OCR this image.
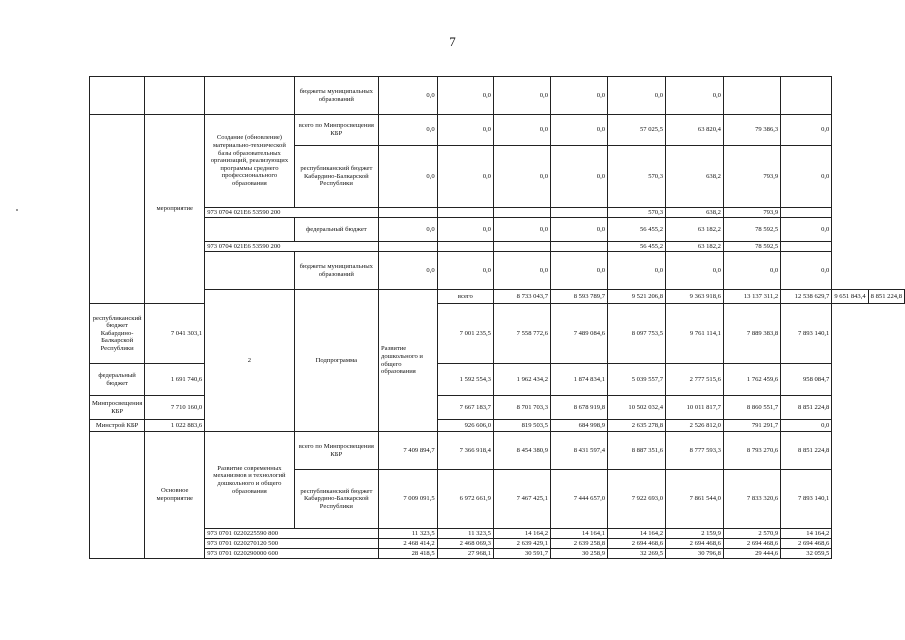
7
			бюджеты муниципальных образований	0,0	0,0	0,0	0,0	0,0	0,0				
	мероприятие	Создание (обновление) материально-технической базы образовательных организаций, реализующих программы среднего профессионального образования	всего по Минпросвещения КБР	0,0	0,0	0,0	0,0	57 025,5	63 820,4	79 386,3	0,0		
			республиканский бюджет Кабардино-Балкарской Республики	0,0	0,0	0,0	0,0	570,3	638,2	793,9	0,0		
		973 0704 021E6 53590 200						570,3	638,2	793,9			
			федеральный бюджет	0,0	0,0	0,0	0,0	56 455,2	63 182,2	78 592,5	0,0		
		973 0704 021E6 53590 200						56 455,2	63 182,2	78 592,5			
			бюджеты муниципальных образований	0,0	0,0	0,0	0,0	0,0	0,0	0,0	0,0		
		2	Подпрограмма	Развитие дошкольного и общего образования	всего	8 733 043,7	8 593 789,7	9 521 206,8	9 363 918,6	13 137 311,2	12 538 629,7	9 651 843,4	8 851 224,8
республиканский бюджет Кабардино-Балкарской Республики	7 041 303,1				7 001 235,5	7 558 772,6	7 489 084,6	8 097 753,5	9 761 114,1	7 889 383,8	7 893 140,1		
федеральный бюджет	1 691 740,6				1 592 554,3	1 962 434,2	1 874 834,1	5 039 557,7	2 777 515,6	1 762 459,6	958 084,7		
Минпросвещения КБР	7 710 160,0				7 667 183,7	8 701 703,3	8 678 919,8	10 502 032,4	10 011 817,7	8 860 551,7	8 851 224,8		
Минстрой КБР	1 022 883,6				926 606,0	819 503,5	684 998,9	2 635 278,8	2 526 812,0	791 291,7	0,0		
	Основное мероприятие	Развитие современных механизмов и технологий дошкольного и общего образования	всего по Минпросвещения КБР	7 409 894,7	7 366 918,4	8 454 380,9	8 431 597,4	8 887 351,6	8 777 593,3	8 793 270,6	8 851 224,8		
			республиканский бюджет Кабардино-Балкарской Республики	7 009 091,5	6 972 661,9	7 467 425,1	7 444 657,0	7 922 693,0	7 861 544,0	7 833 320,6	7 893 140,1		
		973 0701 0220225590 800		11 323,5	11 323,5	14 164,2	14 164,1	14 164,2	2 159,9	2 570,9	14 164,2		
		973 0701 0220270120 500		2 468 414,2	2 468 069,3	2 639 429,1	2 639 258,8	2 694 468,6	2 694 468,6	2 694 468,6	2 694 468,6		
		973 0701 0220290000 600		28 418,5	27 968,1	30 591,7	30 258,9	32 269,5	30 796,8	29 444,6	32 059,5		
